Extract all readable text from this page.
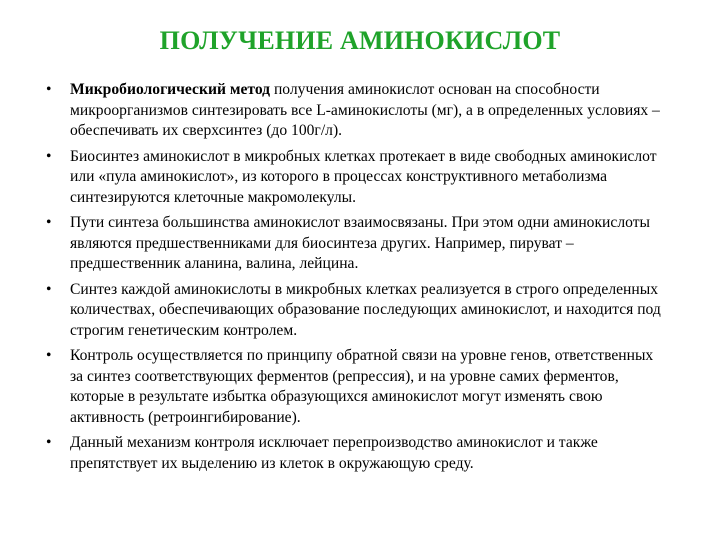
ПОЛУЧЕНИЕ АМИНОКИСЛОТ
•	Микробиологический метод получения аминокислот основан на способности микроорганизмов синтезировать все L-аминокислоты (мг), а в определенных условиях – обеспечивать их сверхсинтез (до 100г/л).
•	Биосинтез аминокислот в микробных клетках протекает в виде свободных аминокислот или «пула аминокислот», из которого в процессах конструктивного метаболизма синтезируются клеточные макромолекулы.
•	Пути синтеза большинства аминокислот взаимосвязаны. При этом одни аминокислоты являются предшественниками для биосинтеза других. Например, пируват – предшественник аланина, валина, лейцина.
•	Синтез каждой аминокислоты в микробных клетках реализуется в строго определенных количествах, обеспечивающих образование последующих аминокислот, и находится под строгим генетическим контролем.
•	Контроль осуществляется по принципу обратной связи на уровне генов, ответственных за синтез соответствующих ферментов (репрессия), и на уровне самих ферментов, которые в результате избытка образующихся аминокислот могут изменять свою активность (ретроингибирование).
•	Данный механизм контроля исключает перепроизводство аминокислот и также препятствует их выделению из клеток в окружающую среду.
